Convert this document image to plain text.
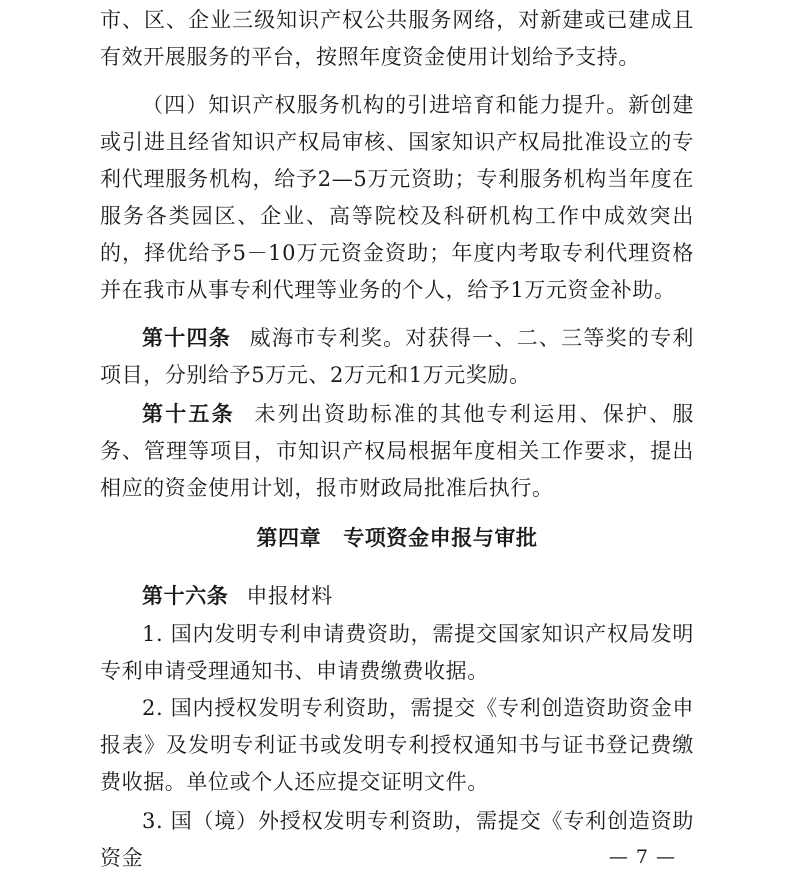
市、区、企业三级知识产权公共服务网络，对新建或已建成且有效开展服务的平台，按照年度资金使用计划给予支持。

（四）知识产权服务机构的引进培育和能力提升。新创建或引进且经省知识产权局审核、国家知识产权局批准设立的专利代理服务机构，给予2—5万元资助；专利服务机构当年度在服务各类园区、企业、高等院校及科研机构工作中成效突出的，择优给予5－10万元资金资助；年度内考取专利代理资格并在我市从事专利代理等业务的个人，给予1万元资金补助。

第十四条 威海市专利奖。对获得一、二、三等奖的专利项目，分别给予5万元、2万元和1万元奖励。

第十五条 未列出资助标准的其他专利运用、保护、服务、管理等项目，市知识产权局根据年度相关工作要求，提出相应的资金使用计划，报市财政局批准后执行。

第四章 专项资金申报与审批

第十六条 申报材料

1. 国内发明专利申请费资助，需提交国家知识产权局发明专利申请受理通知书、申请费缴费收据。

2. 国内授权发明专利资助，需提交《专利创造资助资金申报表》及发明专利证书或发明专利授权通知书与证书登记费缴费收据。单位或个人还应提交证明文件。

3. 国（境）外授权发明专利资助，需提交《专利创造资助资金	— 7 —
